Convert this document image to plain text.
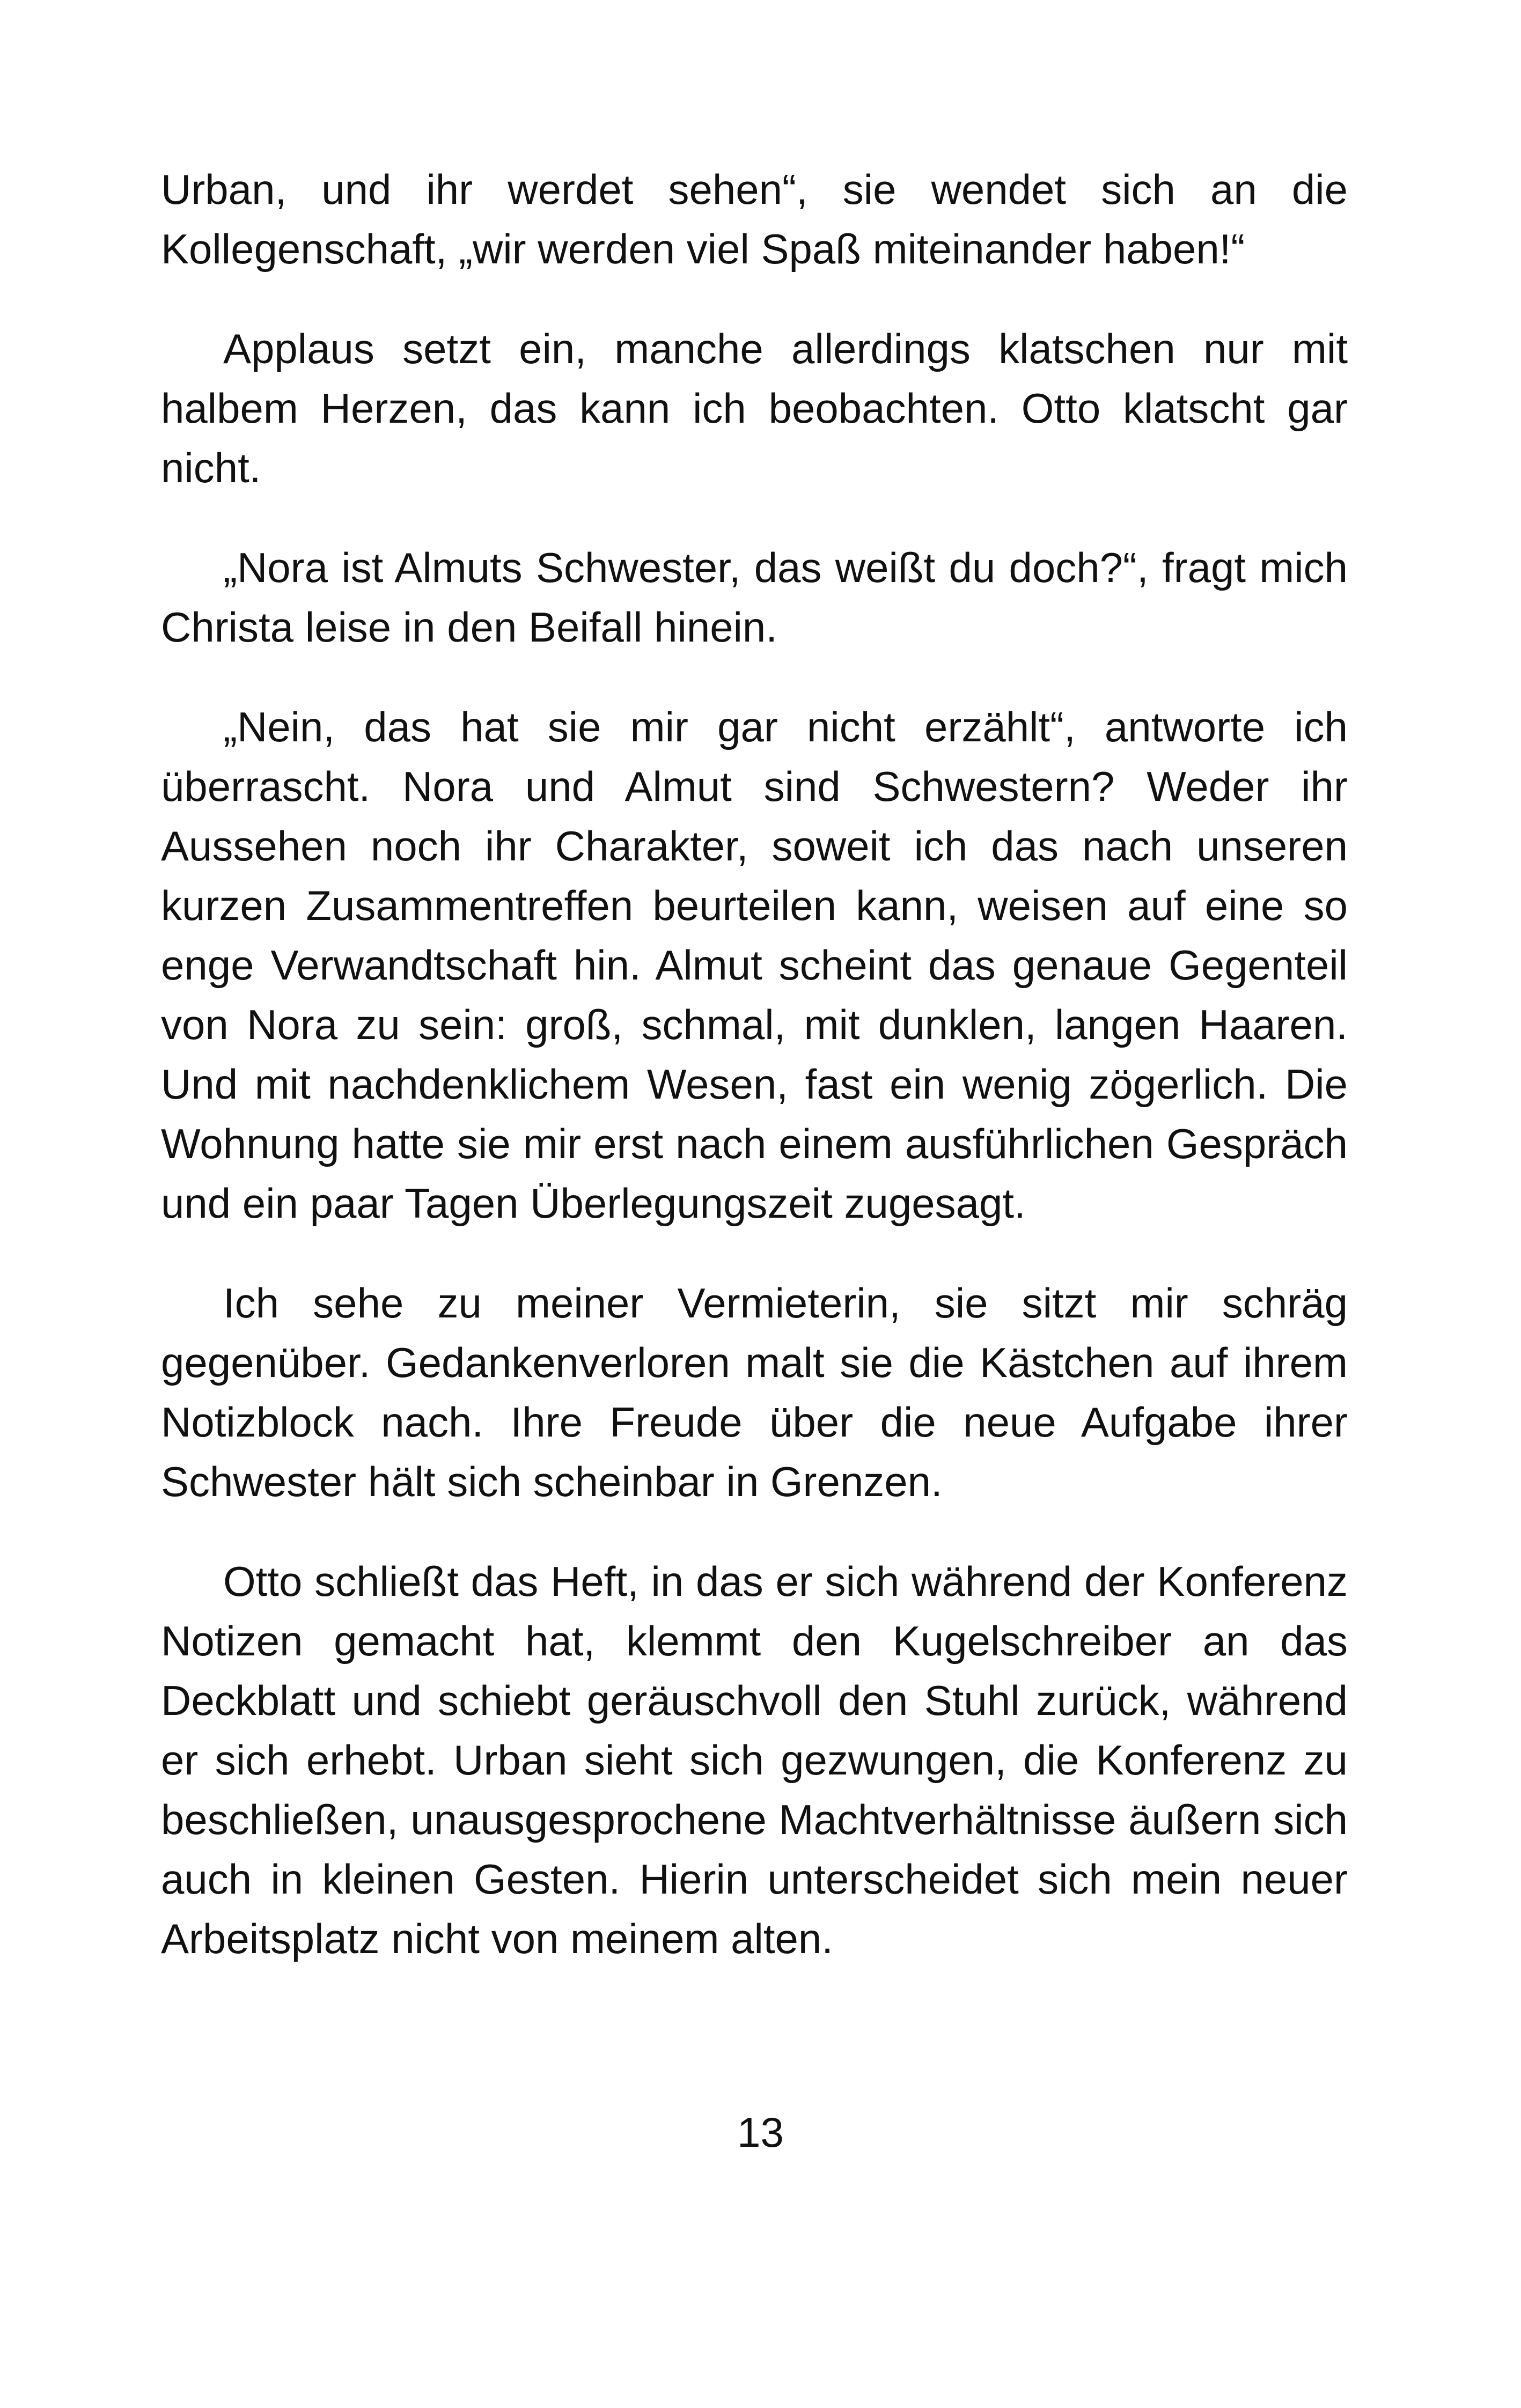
Urban, und ihr werdet sehen“, sie wendet sich an die Kollegenschaft, „wir werden viel Spaß miteinander haben!“

Applaus setzt ein, manche allerdings klatschen nur mit halbem Herzen, das kann ich beobachten. Otto klatscht gar nicht.

„Nora ist Almuts Schwester, das weißt du doch?“, fragt mich Christa leise in den Beifall hinein.

„Nein, das hat sie mir gar nicht erzählt“, antworte ich überrascht. Nora und Almut sind Schwestern? Weder ihr Aussehen noch ihr Charakter, soweit ich das nach unseren kurzen Zusammentreffen beurteilen kann, weisen auf eine so enge Verwandtschaft hin. Almut scheint das genaue Gegenteil von Nora zu sein: groß, schmal, mit dunklen, langen Haaren. Und mit nachdenklichem Wesen, fast ein wenig zögerlich. Die Wohnung hatte sie mir erst nach einem ausführlichen Gespräch und ein paar Tagen Überlegungszeit zugesagt.

Ich sehe zu meiner Vermieterin, sie sitzt mir schräg gegenüber. Gedankenverloren malt sie die Kästchen auf ihrem Notizblock nach. Ihre Freude über die neue Aufgabe ihrer Schwester hält sich scheinbar in Grenzen.

Otto schließt das Heft, in das er sich während der Konferenz Notizen gemacht hat, klemmt den Kugelschreiber an das Deckblatt und schiebt geräuschvoll den Stuhl zurück, während er sich erhebt. Urban sieht sich gezwungen, die Konferenz zu beschließen, unausgesprochene Machtverhältnisse äußern sich auch in kleinen Gesten. Hierin unterscheidet sich mein neuer Arbeitsplatz nicht von meinem alten.

13
